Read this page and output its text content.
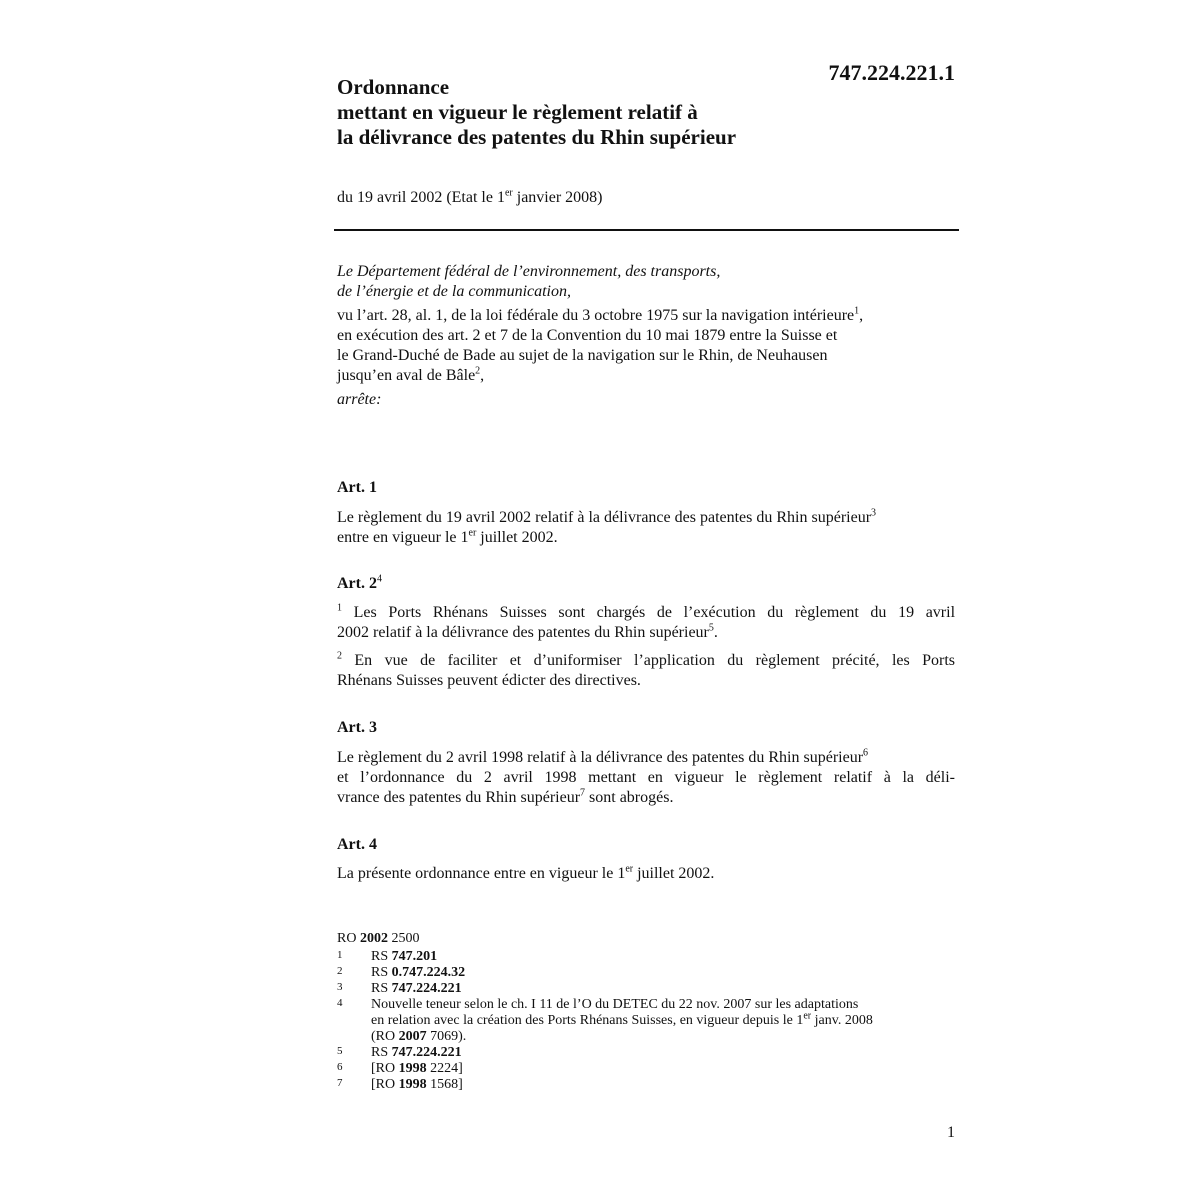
747.224.221.1
Ordonnance
mettant en vigueur le règlement relatif à
la délivrance des patentes du Rhin supérieur
du 19 avril 2002 (Etat le 1er janvier 2008)
Le Département fédéral de l’environnement, des transports,
de l’énergie et de la communication,
vu l’art. 28, al. 1, de la loi fédérale du 3 octobre 1975 sur la navigation intérieure$^1$,
en exécution des art. 2 et 7 de la Convention du 10 mai 1879 entre la Suisse et
le Grand-Duché de Bade au sujet de la navigation sur le Rhin, de Neuhausen
jusqu’en aval de Bâle$^2$,
arrête:
Art. 1
Le règlement du 19 avril 2002 relatif à la délivrance des patentes du Rhin supérieur$^3$
entre en vigueur le 1er juillet 2002.
Art. $2^4$
$^1$ Les Ports Rhénans Suisses sont chargés de l’exécution du règlement du 19 avril
2002 relatif à la délivrance des patentes du Rhin supérieur$^5$.
$^2$ En vue de faciliter et d’uniformiser l’application du règlement précité, les Ports
Rhénans Suisses peuvent édicter des directives.
Art. 3
Le règlement du 2 avril 1998 relatif à la délivrance des patentes du Rhin supérieur$^6$
et l’ordonnance du 2 avril 1998 mettant en vigueur le règlement relatif à la déli-
vrance des patentes du Rhin supérieur$^7$ sont abrogés.
Art. 4
La présente ordonnance entre en vigueur le 1er juillet 2002.
RO 2002 2500
1	RS 747.201
2	RS 0.747.224.32
3	RS 747.224.221
4	Nouvelle teneur selon le ch. I 11 de l’O du DETEC du 22 nov. 2007 sur les adaptations
en relation avec la création des Ports Rhénans Suisses, en vigueur depuis le 1er janv. 2008
(RO 2007 7069).
5	RS 747.224.221
6	[RO 1998 2224]
7	[RO 1998 1568]
1
